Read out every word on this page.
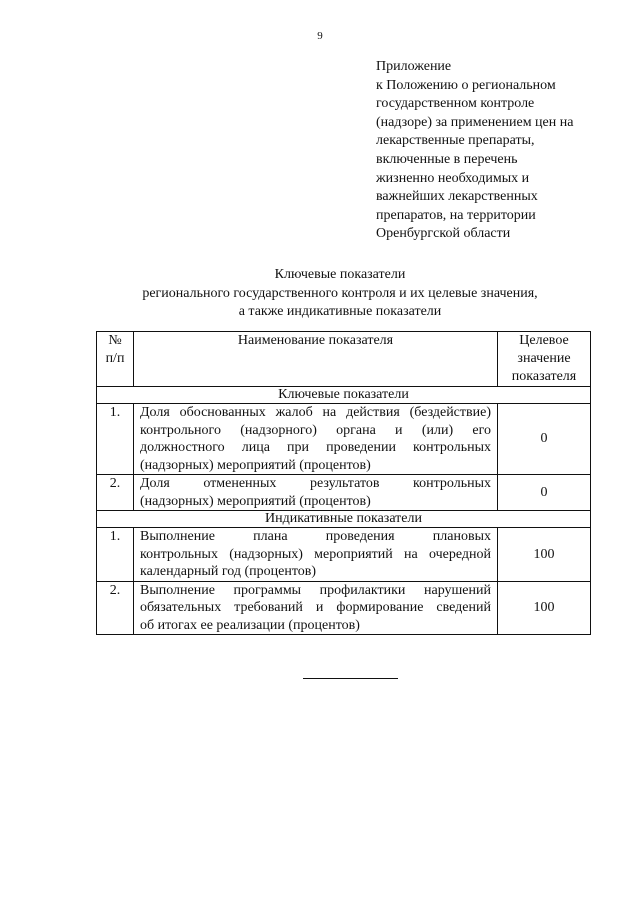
9
Приложение
к Положению о региональном
государственном контроле
(надзоре) за применением цен на
лекарственные препараты,
включенные в перечень
жизненно необходимых и
важнейших лекарственных
препаратов, на территории
Оренбургской области
Ключевые показатели
регионального государственного контроля и их целевые значения,
а также индикативные показатели
№
п/п	Наименование показателя	Целевое
значение
показателя

Ключевые показатели		
1.	Доля обоснованных жалоб на действия (бездействие)
контрольного (надзорного) органа и (или) его
должностного лица при проведении контрольных
(надзорных) мероприятий (процентов)	0
2.	Доля отмененных результатов контрольных
(надзорных) мероприятий (процентов)	0
Индикативные показатели		
1.	Выполнение плана проведения плановых
контрольных (надзорных) мероприятий на очередной
календарный год (процентов)	100
2.	Выполнение программы профилактики нарушений
обязательных требований и формирование сведений
об итогах ее реализации (процентов)	100
